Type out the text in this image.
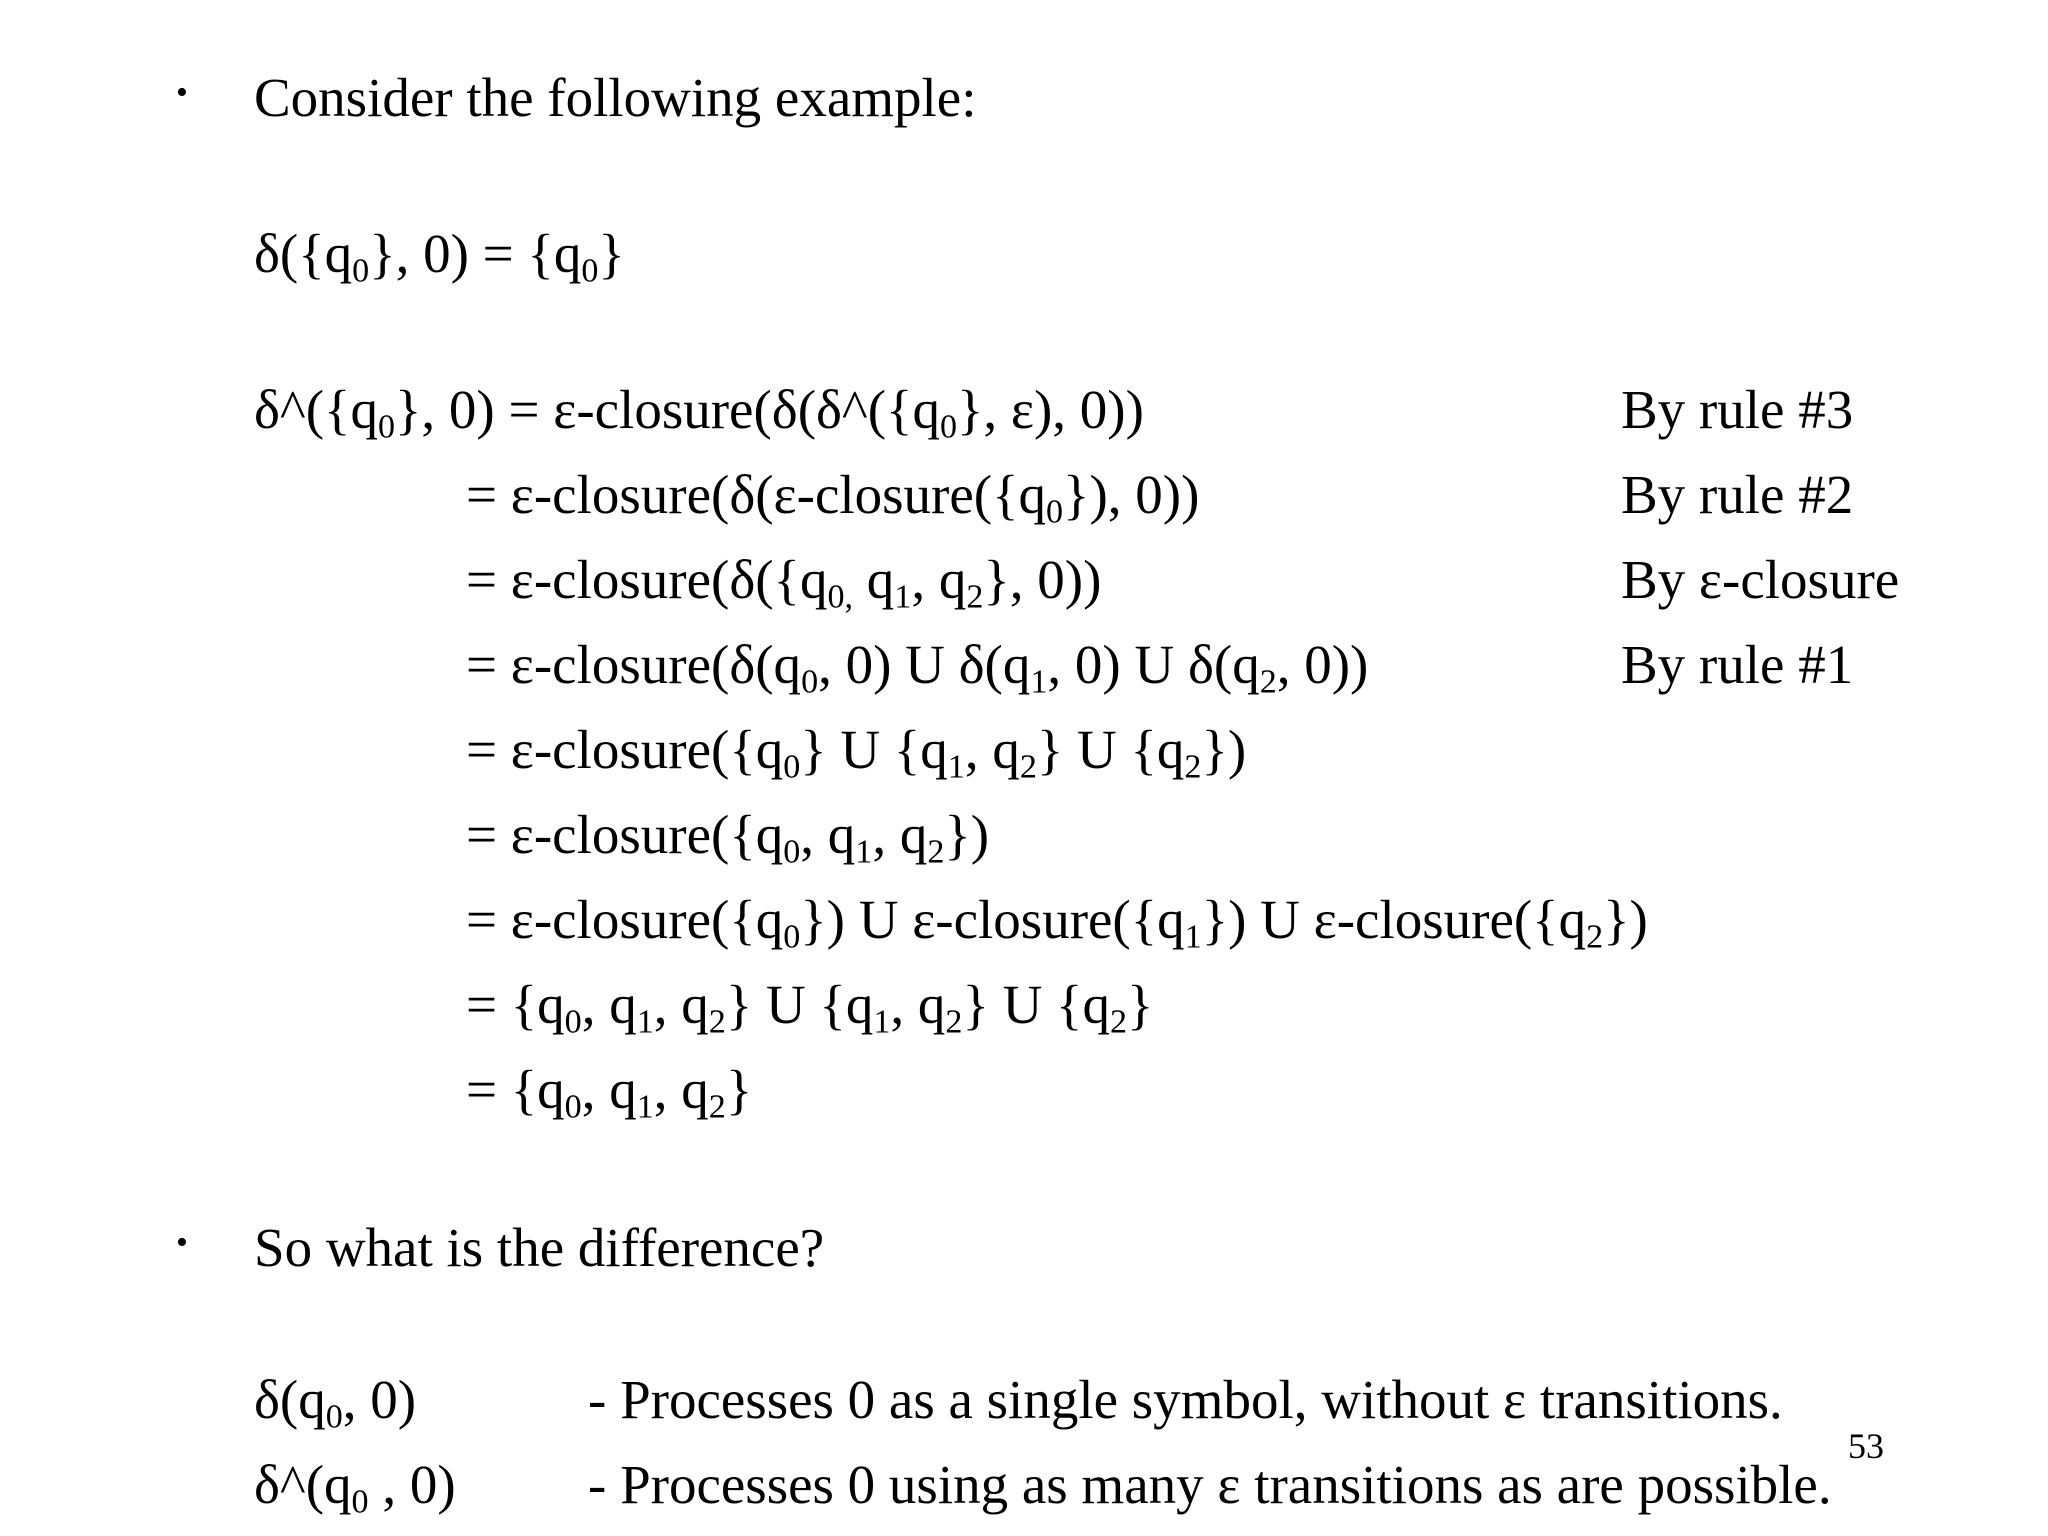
• Consider the following example:
$\delta(\{q_0\}$, $0) = \{q_0\}$
$\delta\^{}(\{q_0\}$, $0) = \varepsilon-closure(\delta(\delta\^{}(\{q_0\}$, ε), 0))
= $\varepsilon-closure(\delta(\varepsilon-closure(\{q_0\})$, 0))
= $\varepsilon-closure(\delta(\{q_{0,}$ $q_1$, $q_2$}, 0))
= $\varepsilon-closure(\delta(q_0$, 0) U $\delta(q_1$, 0) U $\delta(q_2$, 0))
= $\varepsilon-closure(\{q_0\}$ U {$q_1$, $q_2$} U $\{q_2\}$)
= $\varepsilon-closure(\{q_0$, $q_1$, $q_2$})
= $\varepsilon-closure(\{q_0\})$ U $\varepsilon-closure(\{q_1\})$ U $\varepsilon-closure(\{q_2\})$
= {$q_0$, $q_1$, $q_2$} U {$q_1$, $q_2$} U $\{q_2\}$
= {$q_0$, $q_1$, $q_2$}
By rule #3
By rule #2
By ε-closure
By rule #1
• So what is the difference?
$\delta(q_0$, 0)	- Processes 0 as a single symbol, without ε transitions.
$\delta\^{}(q_0$ , 0) - Processes 0 using as many ε transitions as are possible.
53
